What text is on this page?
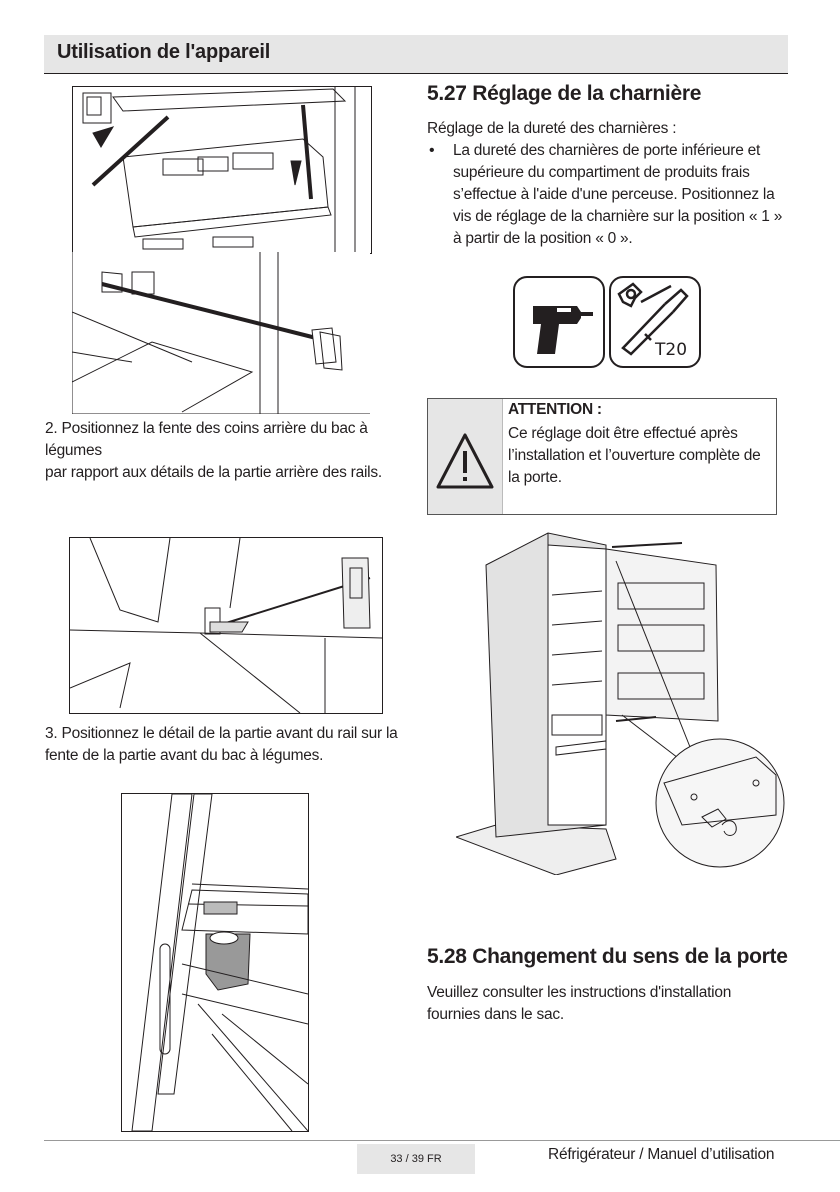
Utilisation de l'appareil
2. Positionnez la fente des coins arrière du bac à légumes
par rapport aux détails de la partie arrière des rails.
3. Positionnez le détail de la partie avant du rail sur la fente de la partie avant du bac à légumes.
5.27 Réglage de la charnière
Réglage de la dureté des charnières :
• La dureté des charnières de porte inférieure et supérieure du compartiment de produits frais s’effectue à l'aide d'une perceuse. Positionnez la vis de réglage de la charnière sur la position « 1 » à partir de la position « 0 ».
T20
ATTENTION :
Ce réglage doit être effectué après l’installation et l’ouverture complète de la porte.
5.28 Changement du sens de la porte
Veuillez consulter les instructions d'installation fournies dans le sac.
33 / 39 FR	Réfrigérateur / Manuel d’utilisation
